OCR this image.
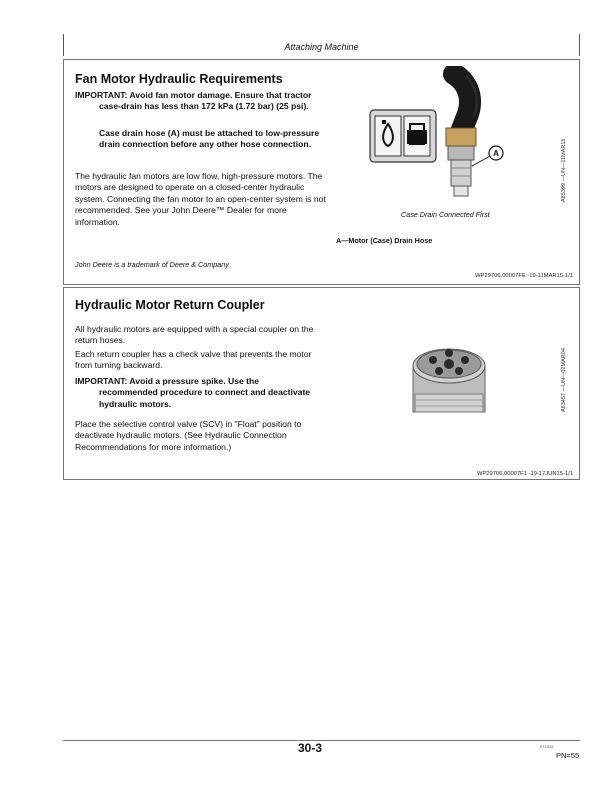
Attaching Machine
Fan Motor Hydraulic Requirements
IMPORTANT: Avoid fan motor damage. Ensure that tractor case-drain has less than 172 kPa (1.72 bar) (25 psi).
Case drain hose (A) must be attached to low-pressure drain connection before any other hose connection.
The hydraulic fan motors are low flow, high-pressure motors. The motors are designed to operate on a closed-center hydraulic system. Connecting the fan motor to an open-center system is not recommended. See your John Deere™ Dealer for more information.
A	A85399 —UN—11MAR15
Case Drain Connected First
A—Motor (Case) Drain Hose
John Deere is a trademark of Deere & Company
WP29706,00007FE -19-11MAR15-1/1
Hydraulic Motor Return Coupler
All hydraulic motors are equipped with a special coupler on the return hoses.
Each return coupler has a check valve that prevents the motor from turning backward.
IMPORTANT: Avoid a pressure spike. Use the recommended procedure to connect and deactivate hydraulic motors.
Place the selective control valve (SCV) in "Float" position to deactivate hydraulic motors. (See Hydraulic Connection Recommendations for more information.)
A63457 —UN—02MAR04
WP29706,00007F1 -19-17JUN15-1/1
30-3	071315
PN=55
